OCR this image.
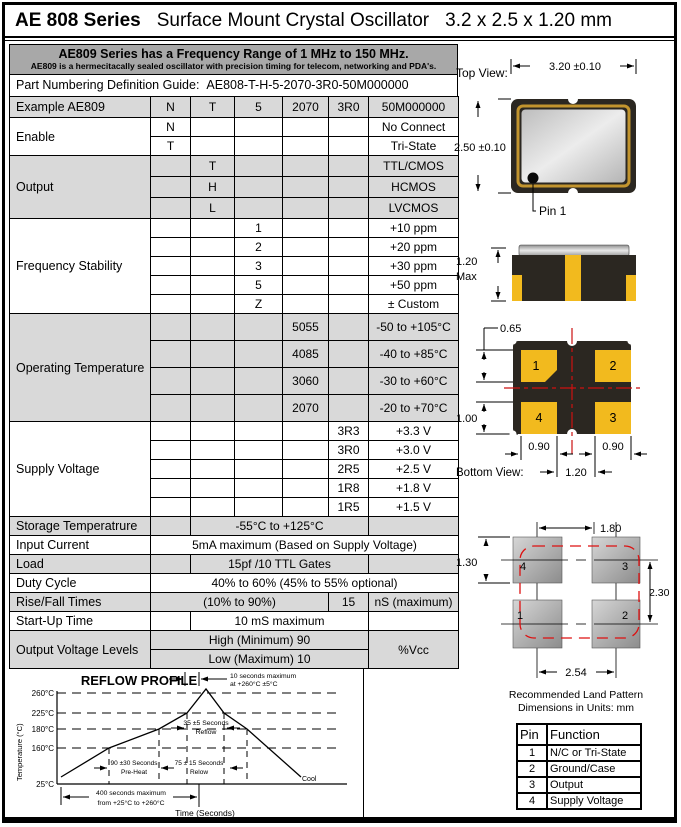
AE 808 Series Surface Mount Crystal Oscillator 3.2 x 2.5 x 1.20 mm
AE809 Series has a Frequency Range of 1 MHz to 150 MHz.
AE809 is a hermecitacally sealed oscillator with precision timing for telecom, networking and PDA's.
Part Numbering Definition Guide: AE808-T-H-5-2070-3R0-50M000000
Example AE809	N	T	5	2070	3R0	50M000000
Enable	N					No Connect
	T					Tri-State
Output		T				TTL/CMOS
		H				HCMOS
		L				LVCMOS
Frequency Stability			1			+10 ppm
			2			+20 ppm
			3			+30 ppm
			5			+50 ppm
			Z			± Custom
Operating Temperature				5055		-50 to +105°C
				4085		-40 to +85°C
				3060		-30 to +60°C
				2070		-20 to +70°C
Supply Voltage					3R3	+3.3 V
					3R0	+3.0 V
					2R5	+2.5 V
					1R8	+1.8 V
					1R5	+1.5 V
Storage Temperatrure		-55°C to +125°C				
Input Current	5mA maximum (Based on Supply Voltage)					
Load		15pf /10 TTL Gates				
Duty Cycle	40% to 60% (45% to 55% optional)					
Rise/Fall Times	(10% to 90%)				15	nS (maximum)
Start-Up Time		10 mS maximum				
Output Voltage Levels	High (Minimum) 90					%Vcc
	Low (Maximum) 10					
REFLOW PROFILE	10 seconds maximum
at +260°C ±5°C
Temperature (°C)
260°C
225°C
180°C
160°C
25°C
35 ±5 Seconds
Reflow
90 ±30 Seconds
Pre-Heat
75 ± 15 Seconds
Relow
400 seconds maximum
from +25°C to +260°C
Time (Seconds)
Cool
Top View:	3.20 ±0.10
2.50 ±0.10
Pin 1
1.20
Max
0.65
1.00
1	2
4	3
0.90	0.90
1.20
Bottom View:
1.80
4	3
1	2
1.30
2.30
2.54
Recommended Land Pattern
Dimensions in Units: mm
Pin	Function
1	N/C or Tri-State
2	Ground/Case
3	Output
4	Supply Voltage
